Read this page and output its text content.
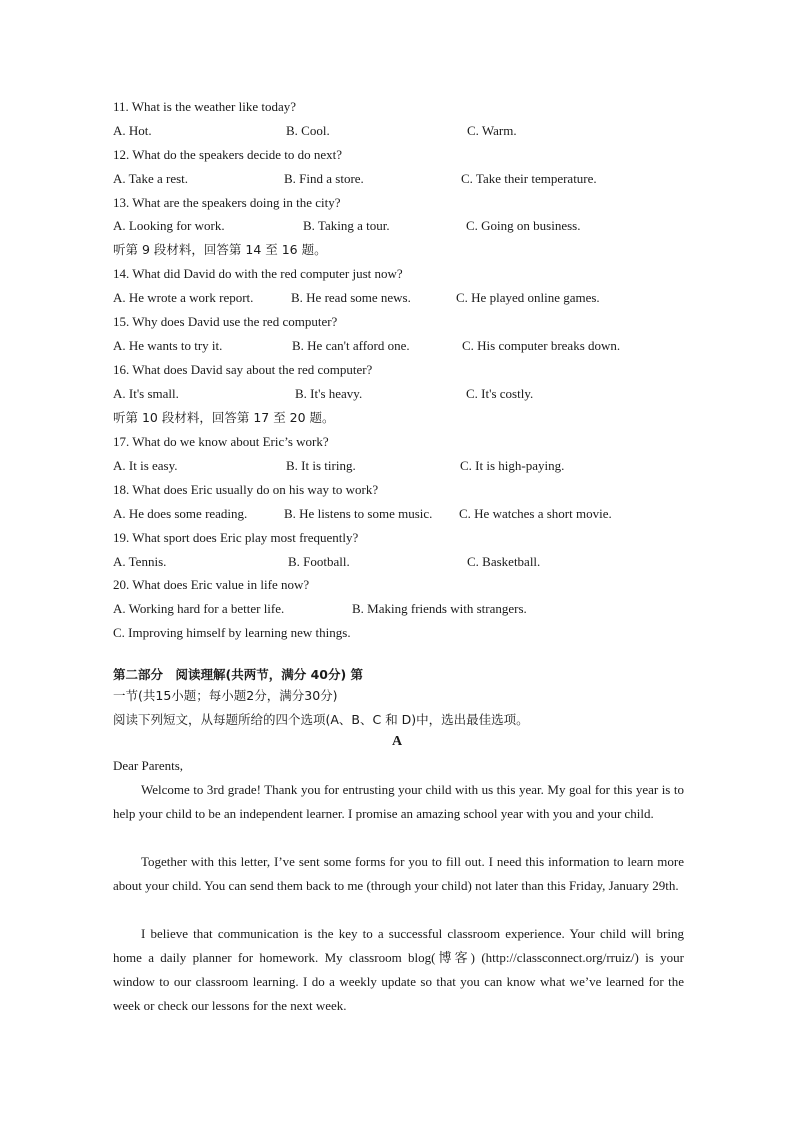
11. What is the weather like today?
A. Hot.	B. Cool.	C. Warm.
12. What do the speakers decide to do next?
A. Take a rest.	B. Find a store.	C. Take their temperature.
13. What are the speakers doing in the city?
A. Looking for work.	B. Taking a tour.	C. Going on business.
听第 9 段材料，回答第 14 至 16 题。
14. What did David do with the red computer just now?
A. He wrote a work report.	B. He read some news.	C. He played online games.
15. Why does David use the red computer?
A. He wants to try it.	B. He can't afford one.	C. His computer breaks down.
16. What does David say about the red computer?
A. It's small.	B. It's heavy.	C. It's costly.
听第 10 段材料，回答第 17 至 20 题。
17. What do we know about Eric’s work?
A. It is easy.	B. It is tiring.	C. It is high-paying.
18. What does Eric usually do on his way to work?
A. He does some reading.	B. He listens to some music. C. He watches a short movie.
19. What sport does Eric play most frequently?
A. Tennis.	B. Football.	C. Basketball.
20. What does Eric value in life now?
A. Working hard for a better life.	B. Making friends with strangers.
C. Improving himself by learning new things.
第二部分　阅读理解(共两节，满分 40分) 第
一节(共15小题；每小题2分，满分30分)
阅读下列短文，从每题所给的四个选项(A、B、C 和 D)中，选出最佳选项。
A
Dear Parents,
Welcome to 3rd grade! Thank you for entrusting your child with us this year. My goal for this year is to help your child to be an independent learner. I promise an amazing school year with you and your child.
Together with this letter, I’ve sent some forms for you to fill out. I need this information to learn more about your child. You can send them back to me (through your child) not later than this Friday, January 29th.
I believe that communication is the key to a successful classroom experience. Your child will bring home a daily planner for homework. My classroom blog(博客) (http://classconnect.org/rruiz/) is your window to our classroom learning. I do a weekly update so that you can know what we’ve learned for the week or check our lessons for the next week.
